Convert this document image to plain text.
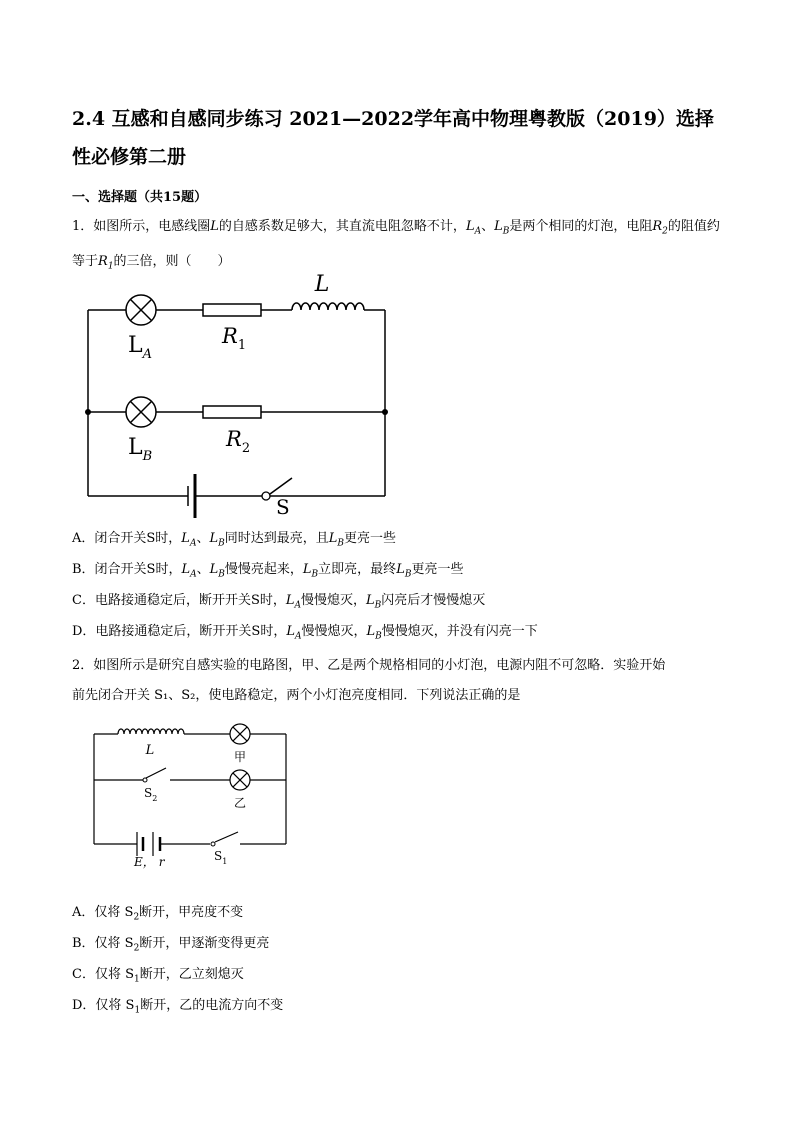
2.4 互感和自感同步练习 2021—2022学年高中物理粤教版（2019）选择性必修第二册
一、选择题（共15题）
1．如图所示，电感线圈L的自感系数足够大，其直流电阻忽略不计，$L_A$、$L_B$是两个相同的灯泡，电阻$R_2$的阻值约等于$R_1$的三倍，则（　　）
L
$L_A$
$R_1$
$L_B$
$R_2$
S
A．闭合开关S时，$L_A$、$L_B$同时达到最亮，且$L_B$更亮一些
B．闭合开关S时，$L_A$、$L_B$慢慢亮起来，$L_B$立即亮，最终$L_B$更亮一些
C．电路接通稳定后，断开开关S时，$L_A$慢慢熄灭，$L_B$闪亮后才慢慢熄灭
D．电路接通稳定后，断开开关S时，$L_A$慢慢熄灭，$L_B$慢慢熄灭，并没有闪亮一下
2．如图所示是研究自感实验的电路图，甲、乙是两个规格相同的小灯泡，电源内阻不可忽略．实验开始
前先闭合开关 S₁、S₂，使电路稳定，两个小灯泡亮度相同．下列说法正确的是
L	甲
$S_2$	乙
E， r	$S_1$
A．仅将 $S_2$断开，甲亮度不变
B．仅将 $S_2$断开，甲逐渐变得更亮
C．仅将 $S_1$断开，乙立刻熄灭
D．仅将 $S_1$断开，乙的电流方向不变
